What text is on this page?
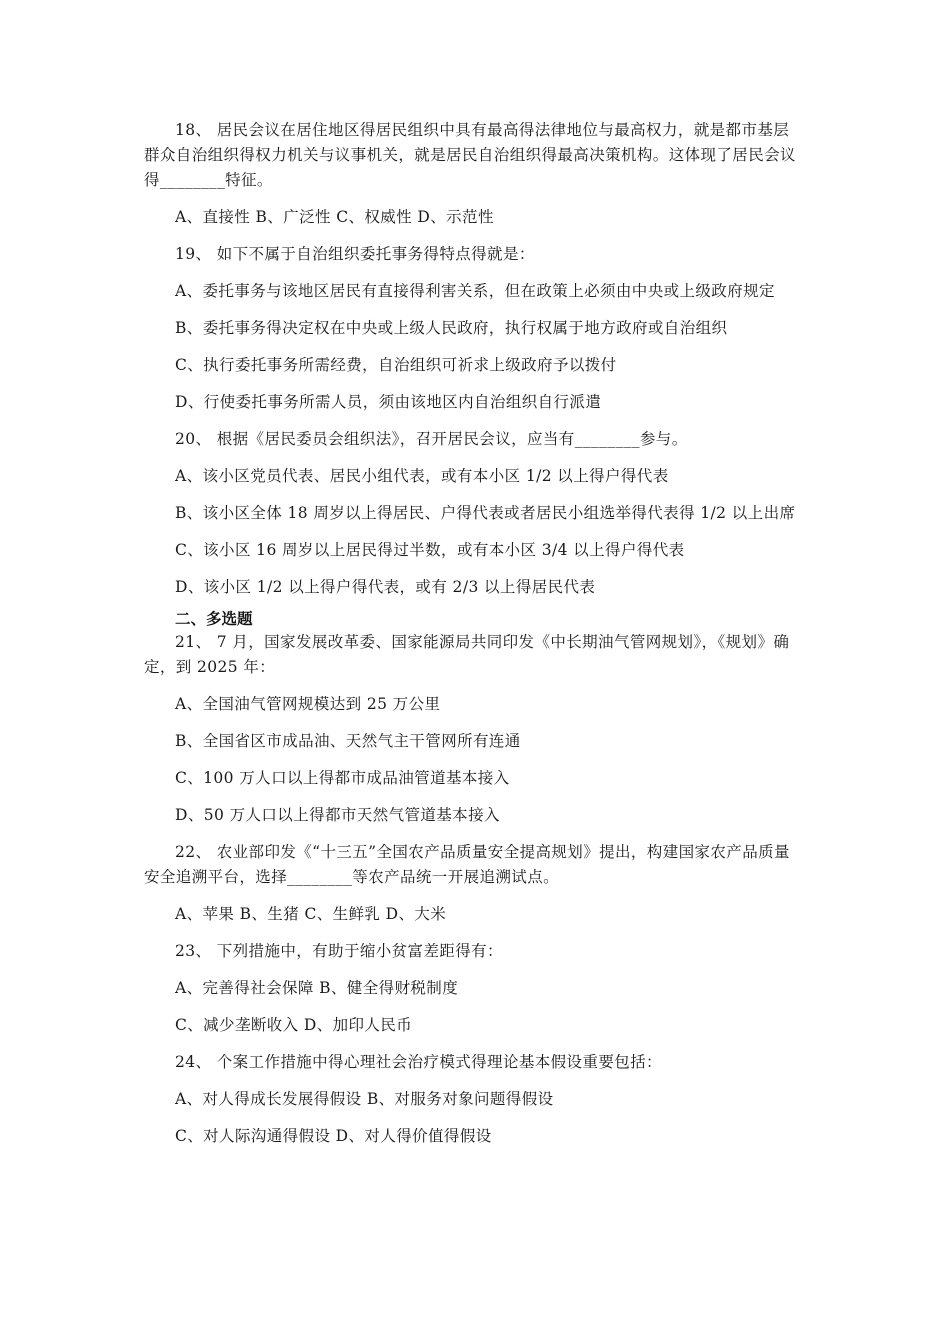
18、 居民会议在居住地区得居民组织中具有最高得法律地位与最高权力，就是都市基层群众自治组织得权力机关与议事机关，就是居民自治组织得最高决策机构。这体现了居民会议得________特征。

A、直接性 B、广泛性 C、权威性 D、示范性

19、 如下不属于自治组织委托事务得特点得就是：

A、委托事务与该地区居民有直接得利害关系，但在政策上必须由中央或上级政府规定

B、委托事务得决定权在中央或上级人民政府，执行权属于地方政府或自治组织

C、执行委托事务所需经费，自治组织可祈求上级政府予以拨付

D、行使委托事务所需人员，须由该地区内自治组织自行派遣

20、 根据《居民委员会组织法》，召开居民会议，应当有________参与。

A、该小区党员代表、居民小组代表，或有本小区 1/2 以上得户得代表

B、该小区全体 18 周岁以上得居民、户得代表或者居民小组选举得代表得 1/2 以上出席

C、该小区 16 周岁以上居民得过半数，或有本小区 3/4 以上得户得代表

D、该小区 1/2 以上得户得代表，或有 2/3 以上得居民代表

二、多选题

21、 7 月，国家发展改革委、国家能源局共同印发《中长期油气管网规划》，《规划》确定，到 2025 年：

A、全国油气管网规模达到 25 万公里

B、全国省区市成品油、天然气主干管网所有连通

C、100 万人口以上得都市成品油管道基本接入

D、50 万人口以上得都市天然气管道基本接入

22、 农业部印发《“十三五”全国农产品质量安全提高规划》提出，构建国家农产品质量安全追溯平台，选择________等农产品统一开展追溯试点。

A、苹果 B、生猪 C、生鲜乳 D、大米

23、 下列措施中，有助于缩小贫富差距得有：

A、完善得社会保障 B、健全得财税制度

C、减少垄断收入 D、加印人民币

24、 个案工作措施中得心理社会治疗模式得理论基本假设重要包括：

A、对人得成长发展得假设 B、对服务对象问题得假设

C、对人际沟通得假设 D、对人得价值得假设
